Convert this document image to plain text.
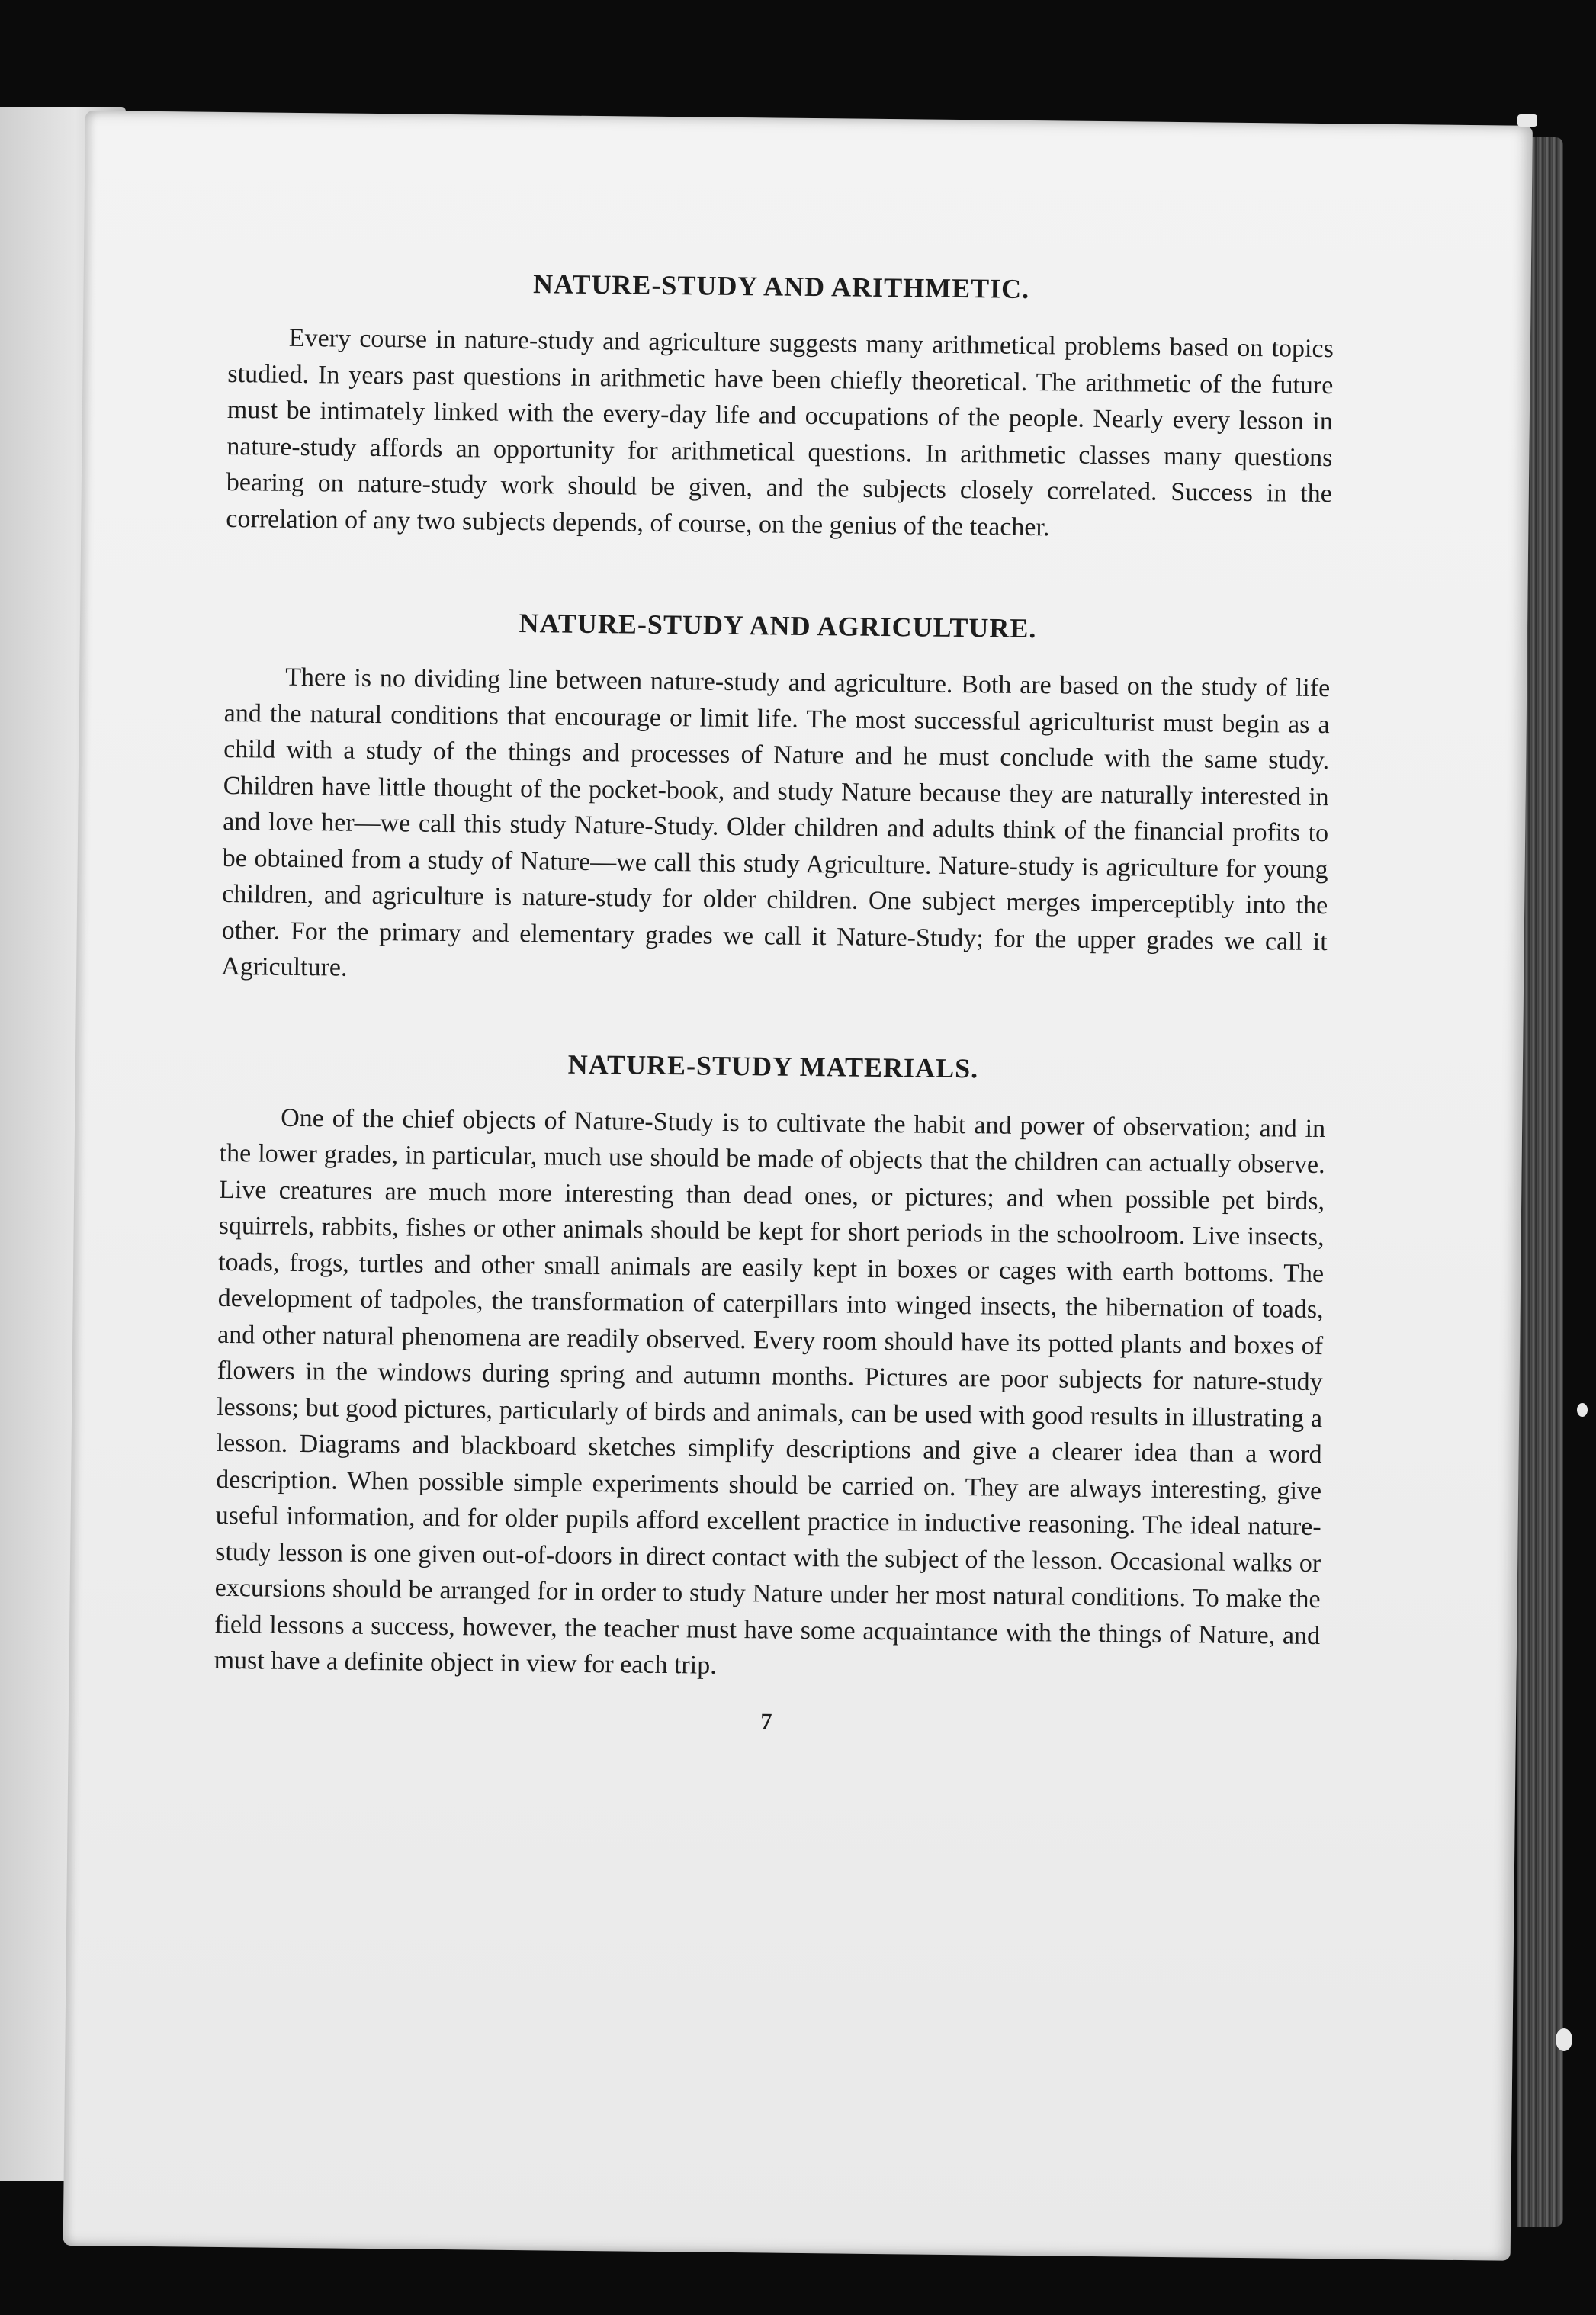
NATURE-STUDY AND ARITHMETIC.

Every course in nature-study and agriculture suggests many arithmetical problems based on topics studied. In years past questions in arithmetic have been chiefly theoretical. The arithmetic of the future must be intimately linked with the every-day life and occupations of the people. Nearly every lesson in nature-study affords an opportunity for arithmetical questions. In arithmetic classes many questions bearing on nature-study work should be given, and the subjects closely correlated. Success in the correlation of any two subjects depends, of course, on the genius of the teacher.

NATURE-STUDY AND AGRICULTURE.

There is no dividing line between nature-study and agriculture. Both are based on the study of life and the natural conditions that encourage or limit life. The most successful agriculturist must begin as a child with a study of the things and processes of Nature and he must conclude with the same study. Children have little thought of the pocket-book, and study Nature because they are naturally interested in and love her—we call this study Nature-Study. Older children and adults think of the financial profits to be obtained from a study of Nature—we call this study Agriculture. Nature-study is agriculture for young children, and agriculture is nature-study for older children. One subject merges imperceptibly into the other. For the primary and elementary grades we call it Nature-Study; for the upper grades we call it Agriculture.

NATURE-STUDY MATERIALS.

One of the chief objects of Nature-Study is to cultivate the habit and power of observation; and in the lower grades, in particular, much use should be made of objects that the children can actually observe. Live creatures are much more interesting than dead ones, or pictures; and when possible pet birds, squirrels, rabbits, fishes or other animals should be kept for short periods in the schoolroom. Live insects, toads, frogs, turtles and other small animals are easily kept in boxes or cages with earth bottoms. The development of tadpoles, the transformation of caterpillars into winged insects, the hibernation of toads, and other natural phenomena are readily observed. Every room should have its potted plants and boxes of flowers in the windows during spring and autumn months. Pictures are poor subjects for nature-study lessons; but good pictures, particularly of birds and animals, can be used with good results in illustrating a lesson. Diagrams and blackboard sketches simplify descriptions and give a clearer idea than a word description. When possible simple experiments should be carried on. They are always interesting, give useful information, and for older pupils afford excellent practice in inductive reasoning. The ideal nature-study lesson is one given out-of-doors in direct contact with the subject of the lesson. Occasional walks or excursions should be arranged for in order to study Nature under her most natural conditions. To make the field lessons a success, however, the teacher must have some acquaintance with the things of Nature, and must have a definite object in view for each trip.

7
